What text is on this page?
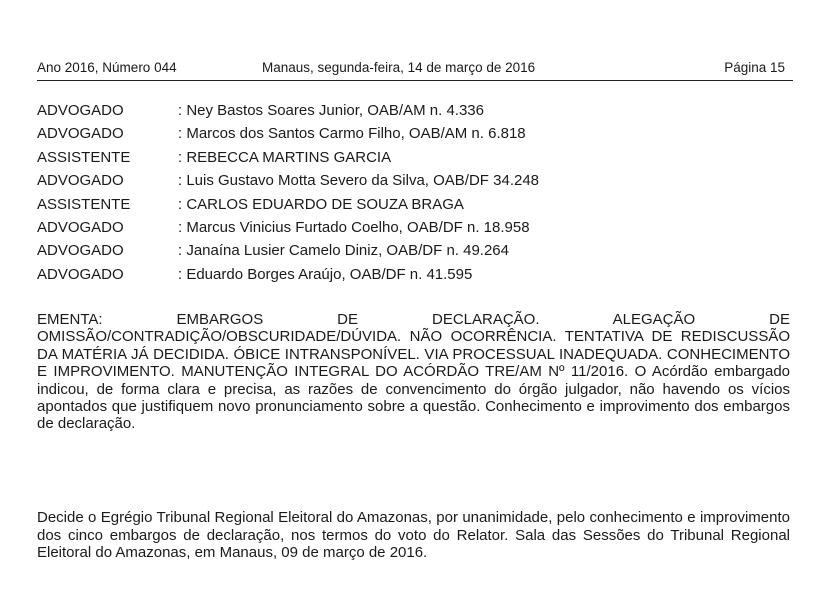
Ano 2016, Número 044	Manaus, segunda-feira, 14 de março de 2016	Página 15
ADVOGADO	: Ney Bastos Soares Junior, OAB/AM n. 4.336
ADVOGADO	: Marcos dos Santos Carmo Filho, OAB/AM n. 6.818
ASSISTENTE	: REBECCA MARTINS GARCIA
ADVOGADO	: Luis Gustavo Motta Severo da Silva, OAB/DF 34.248
ASSISTENTE	: CARLOS EDUARDO DE SOUZA BRAGA
ADVOGADO	: Marcus Vinicius Furtado Coelho, OAB/DF n. 18.958
ADVOGADO	: Janaína Lusier Camelo Diniz, OAB/DF n. 49.264
ADVOGADO	: Eduardo Borges Araújo, OAB/DF n. 41.595

EMENTA: EMBARGOS DE DECLARAÇÃO. ALEGAÇÃO DE OMISSÃO/CONTRADIÇÃO/OBSCURIDADE/DÚVIDA. NÃO OCORRÊNCIA. TENTATIVA DE REDISCUSSÃO DA MATÉRIA JÁ DECIDIDA. ÓBICE INTRANSPONÍVEL. VIA PROCESSUAL INADEQUADA. CONHECIMENTO E IMPROVIMENTO. MANUTENÇÃO INTEGRAL DO ACÓRDÃO TRE/AM Nº 11/2016. O Acórdão embargado indicou, de forma clara e precisa, as razões de convencimento do órgão julgador, não havendo os vícios apontados que justifiquem novo pronunciamento sobre a questão. Conhecimento e improvimento dos embargos de declaração.

Decide o Egrégio Tribunal Regional Eleitoral do Amazonas, por unanimidade, pelo conhecimento e improvimento dos cinco embargos de declaração, nos termos do voto do Relator. Sala das Sessões do Tribunal Regional Eleitoral do Amazonas, em Manaus, 09 de março de 2016.
